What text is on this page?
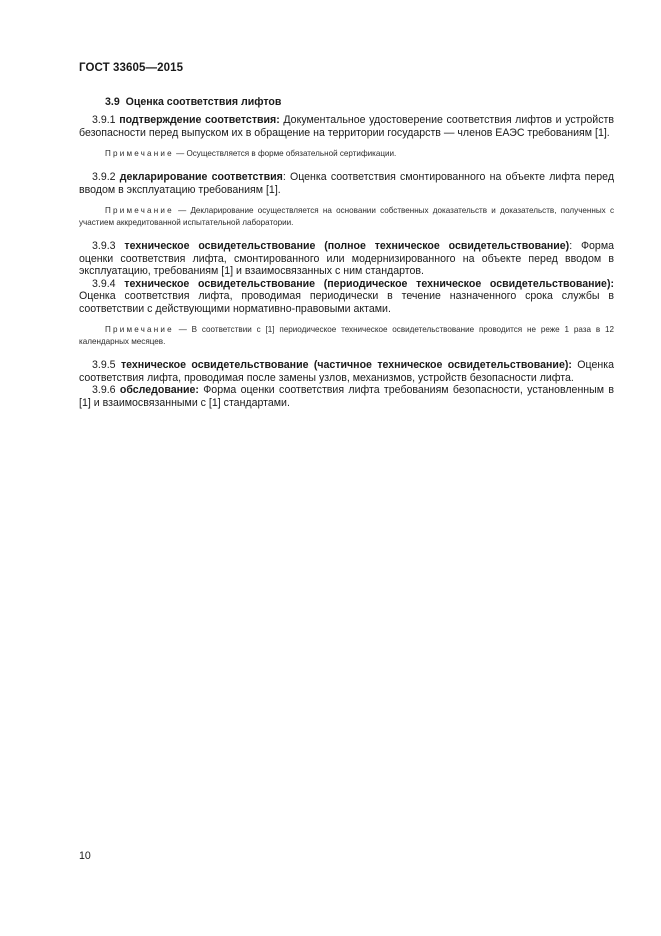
ГОСТ 33605—2015
3.9 Оценка соответствия лифтов

3.9.1 подтверждение соответствия: Документальное удостоверение соответствия лифтов и устройств безопасности перед выпуском их в обращение на территории государств — членов ЕАЭС требованиям [1].

Примечание — Осуществляется в форме обязательной сертификации.

3.9.2 декларирование соответствия: Оценка соответствия смонтированного на объекте лифта перед вводом в эксплуатацию требованиям [1].

Примечание — Декларирование осуществляется на основании собственных доказательств и доказательств, полученных с участием аккредитованной испытательной лаборатории.

3.9.3 техническое освидетельствование (полное техническое освидетельствование): Форма оценки соответствия лифта, смонтированного или модернизированного на объекте перед вводом в эксплуатацию, требованиям [1] и взаимосвязанных с ним стандартов.

3.9.4 техническое освидетельствование (периодическое техническое освидетельствование): Оценка соответствия лифта, проводимая периодически в течение назначенного срока службы в соответствии с действующими нормативно-правовыми актами.

Примечание — В соответствии с [1] периодическое техническое освидетельствование проводится не реже 1 раза в 12 календарных месяцев.

3.9.5 техническое освидетельствование (частичное техническое освидетельствование): Оценка соответствия лифта, проводимая после замены узлов, механизмов, устройств безопасности лифта.

3.9.6 обследование: Форма оценки соответствия лифта требованиям безопасности, установленным в [1] и взаимосвязанными с [1] стандартами.

10
